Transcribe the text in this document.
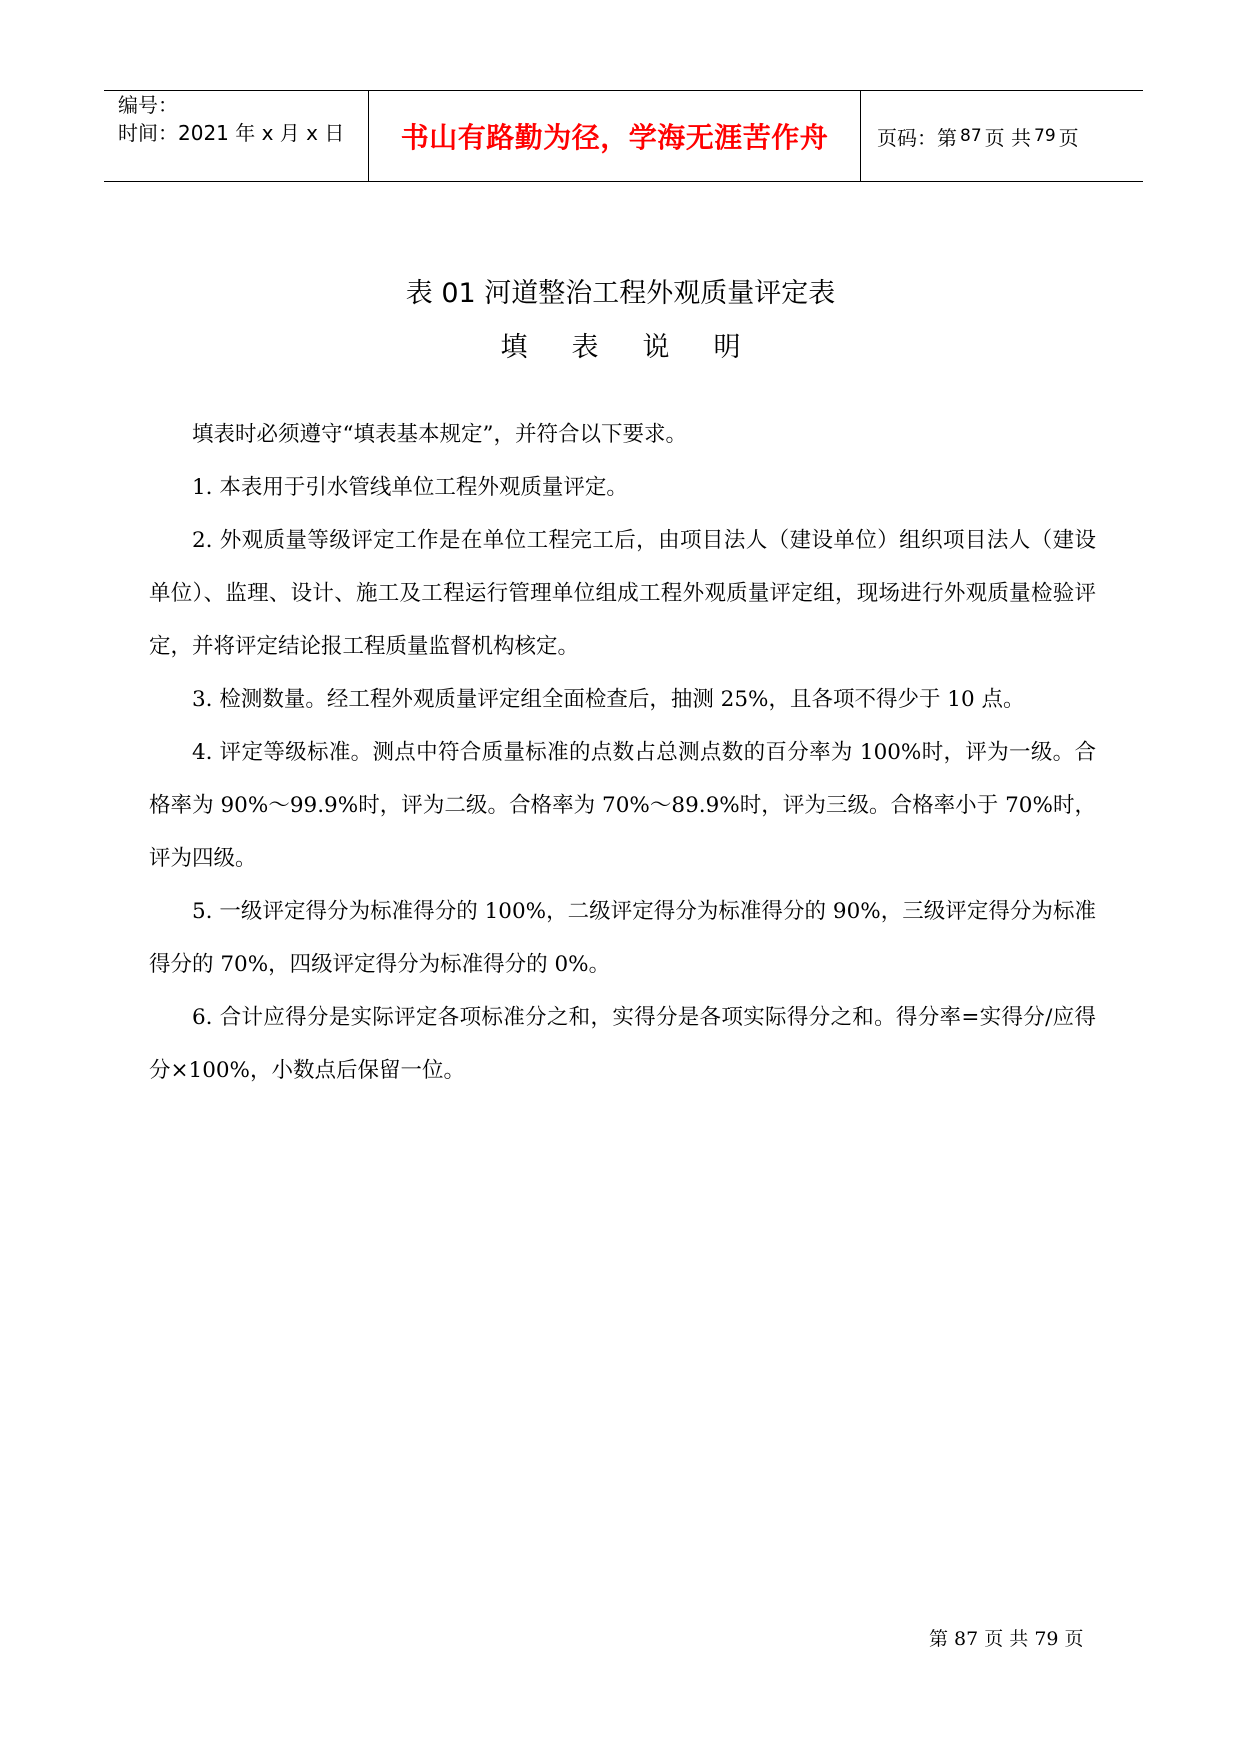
编号：
时间：2021 年 x 月 x 日 书山有路勤为径，学海无涯苦作舟 页码：第 87 页 共 79 页
表 01 河道整治工程外观质量评定表
填表说明

填表时必须遵守“填表基本规定”，并符合以下要求。

1. 本表用于引水管线单位工程外观质量评定。

2. 外观质量等级评定工作是在单位工程完工后，由项目法人（建设单位）组织项目法人（建设单位）、监理、设计、施工及工程运行管理单位组成工程外观质量评定组，现场进行外观质量检验评定，并将评定结论报工程质量监督机构核定。

3. 检测数量。经工程外观质量评定组全面检查后，抽测 25%，且各项不得少于 10 点。

4. 评定等级标准。测点中符合质量标准的点数占总测点数的百分率为 100%时，评为一级。合格率为 90%～99.9%时，评为二级。合格率为 70%～89.9%时，评为三级。合格率小于 70%时，评为四级。

5. 一级评定得分为标准得分的 100%，二级评定得分为标准得分的 90%，三级评定得分为标准得分的 70%，四级评定得分为标准得分的 0%。

6. 合计应得分是实际评定各项标准分之和，实得分是各项实际得分之和。得分率=实得分/应得分×100%，小数点后保留一位。

第 87 页 共 79 页
